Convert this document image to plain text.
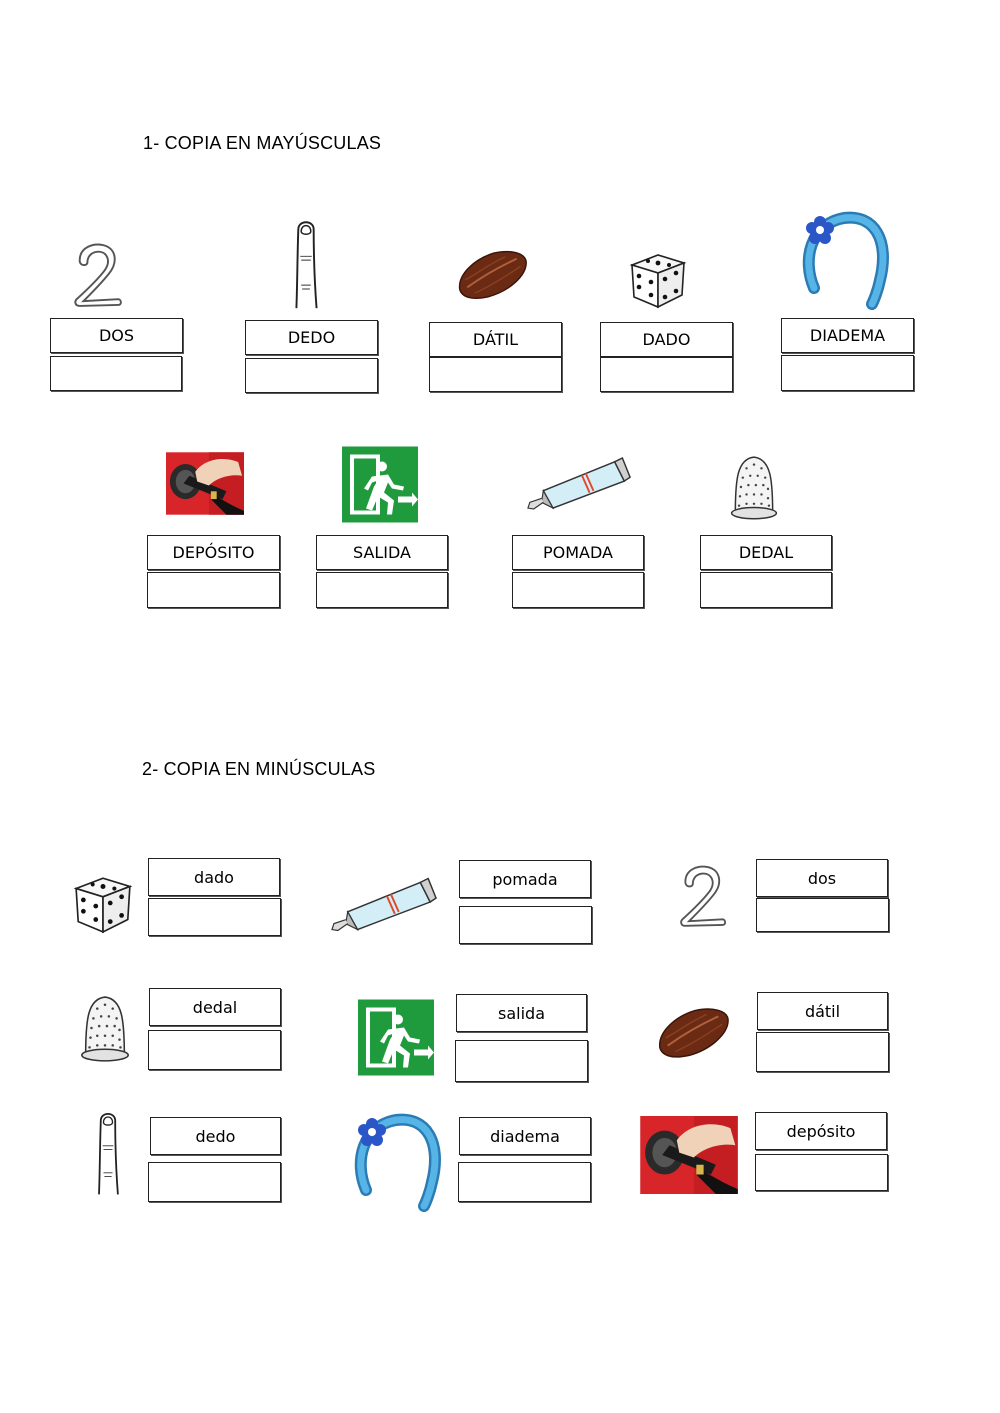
1- COPIA EN MAYÚSCULAS
DOS	DEDO	DÁTIL	DADO	DIADEMA
DEPÓSITO	SALIDA	POMADA	DEDAL
2- COPIA EN MINÚSCULAS
dado	pomada	dos
dedal	salida	dátil
dedo	diadema	depósito
